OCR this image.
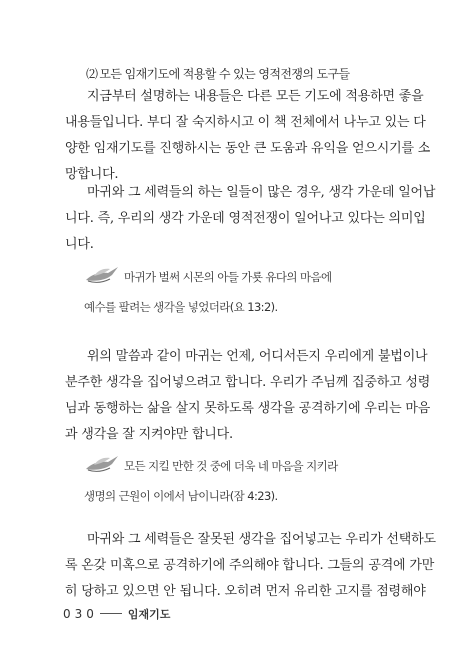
⑵ 모든 임재기도에 적용할 수 있는 영적전쟁의 도구들
지금부터 설명하는 내용들은 다른 모든 기도에 적용하면 좋을
내용들입니다. 부디 잘 숙지하시고 이 책 전체에서 나누고 있는 다
양한 임재기도를 진행하시는 동안 큰 도움과 유익을 얻으시기를 소
망합니다.
마귀와 그 세력들의 하는 일들이 많은 경우, 생각 가운데 일어납
니다. 즉, 우리의 생각 가운데 영적전쟁이 일어나고 있다는 의미입
니다.
마귀가 벌써 시몬의 아들 가룟 유다의 마음에
예수를 팔려는 생각을 넣었더라(요 13:2).
위의 말씀과 같이 마귀는 언제, 어디서든지 우리에게 불법이나
분주한 생각을 집어넣으려고 합니다. 우리가 주님께 집중하고 성령
님과 동행하는 삶을 살지 못하도록 생각을 공격하기에 우리는 마음
과 생각을 잘 지켜야만 합니다.
모든 지킬 만한 것 중에 더욱 네 마음을 지키라
생명의 근원이 이에서 남이니라(잠 4:23).
마귀와 그 세력들은 잘못된 생각을 집어넣고는 우리가 선택하도
록 온갖 미혹으로 공격하기에 주의해야 합니다. 그들의 공격에 가만
히 당하고 있으면 안 됩니다. 오히려 먼저 유리한 고지를 점령해야
030	임재기도
